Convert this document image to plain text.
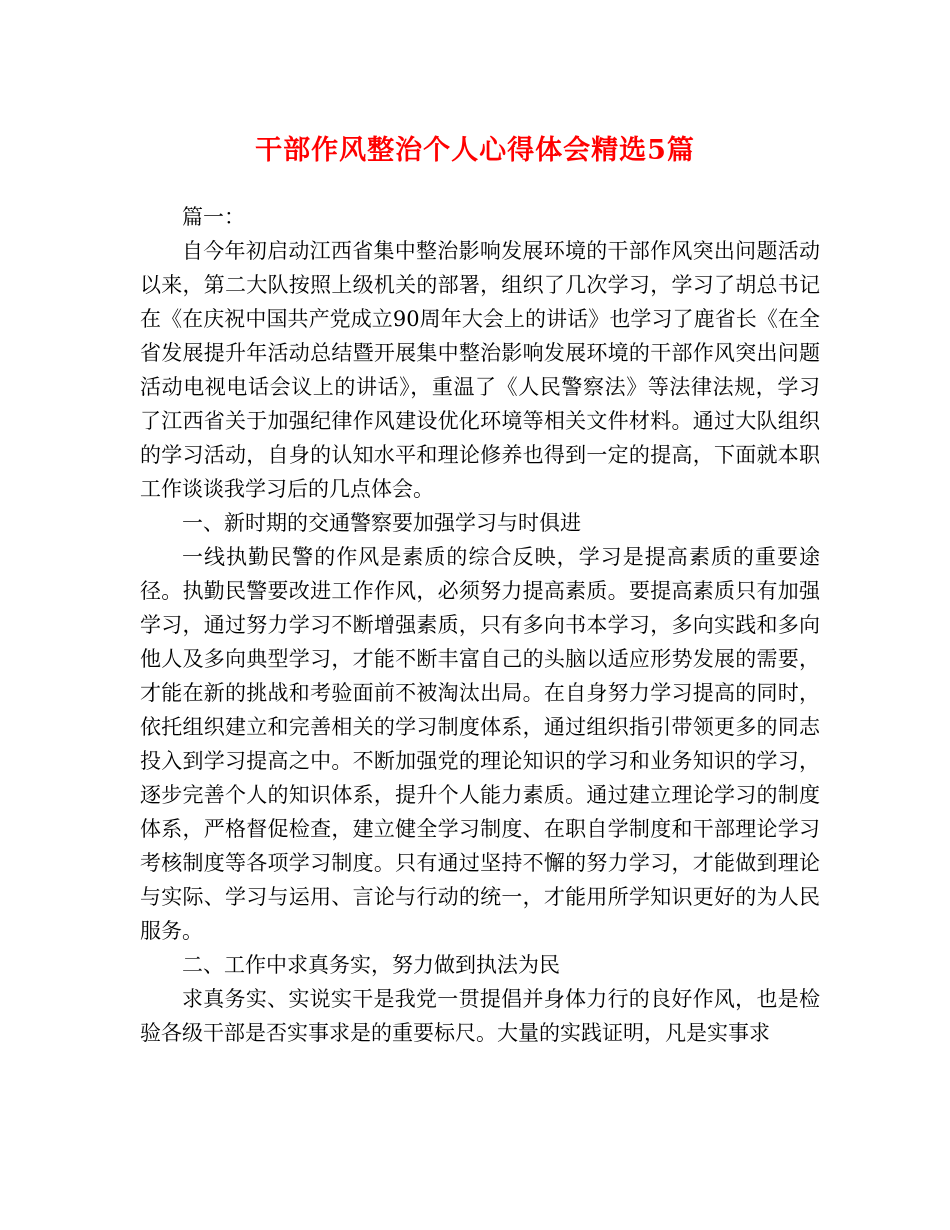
干部作风整治个人心得体会精选5篇

篇一：

自今年初启动江西省集中整治影响发展环境的干部作风突出问题活动以来，第二大队按照上级机关的部署，组织了几次学习，学习了胡总书记在《在庆祝中国共产党成立90周年大会上的讲话》也学习了鹿省长《在全省发展提升年活动总结暨开展集中整治影响发展环境的干部作风突出问题活动电视电话会议上的讲话》，重温了《人民警察法》等法律法规，学习了江西省关于加强纪律作风建设优化环境等相关文件材料。通过大队组织的学习活动，自身的认知水平和理论修养也得到一定的提高，下面就本职工作谈谈我学习后的几点体会。

一、新时期的交通警察要加强学习与时俱进

一线执勤民警的作风是素质的综合反映，学习是提高素质的重要途径。执勤民警要改进工作作风，必须努力提高素质。要提高素质只有加强学习，通过努力学习不断增强素质，只有多向书本学习，多向实践和多向他人及多向典型学习，才能不断丰富自己的头脑以适应形势发展的需要，才能在新的挑战和考验面前不被淘汰出局。在自身努力学习提高的同时，依托组织建立和完善相关的学习制度体系，通过组织指引带领更多的同志投入到学习提高之中。不断加强党的理论知识的学习和业务知识的学习，逐步完善个人的知识体系，提升个人能力素质。通过建立理论学习的制度体系，严格督促检查，建立健全学习制度、在职自学制度和干部理论学习考核制度等各项学习制度。只有通过坚持不懈的努力学习，才能做到理论与实际、学习与运用、言论与行动的统一，才能用所学知识更好的为人民服务。

二、工作中求真务实，努力做到执法为民

求真务实、实说实干是我党一贯提倡并身体力行的良好作风，也是检验各级干部是否实事求是的重要标尺。大量的实践证明，凡是实事求
